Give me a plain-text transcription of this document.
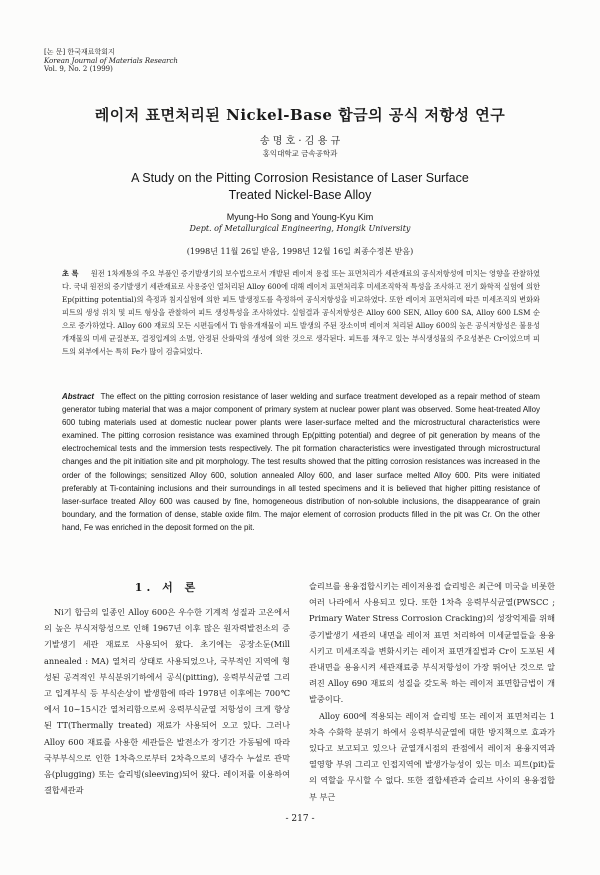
[논 문] 한국재료학회지
Korean Journal of Materials Research
Vol. 9, No. 2 (1999)
레이저 표면처리된 Nickel-Base 합금의 공식 저항성 연구
송 명 호 · 김 용 규
홍익대학교 금속공학과
A Study on the Pitting Corrosion Resistance of Laser Surface
Treated Nickel-Base Alloy
Myung-Ho Song and Young-Kyu Kim
Dept. of Metallurgical Engineering, Hongik University
(1998년 11월 26일 받음, 1998년 12월 16일 최종수정본 받음)
초 록 원전 1차계통의 주요 부품인 증기발생기의 보수법으로서 개발된 레이저 용접 또는 표면처리가 세관재료의 공식저항성에 미치는 영향을 관찰하였다. 국내 원전의 증기발생기 세관재료로 사용중인 열처리된 Alloy 600에 대해 레이저 표면처리후 미세조직학적 특성을 조사하고 전기 화학적 실험에 의한 Ep(pitting potential)의 측정과 침지실험에 의한 피트 발생정도를 측정하여 공식저항성을 비교하였다. 또한 레이저 표면처리에 따른 미세조직의 변화와 피트의 생성 위치 및 피트 형상을 관찰하여 피트 생성특성을 조사하였다. 실험결과 공식저항성은 Alloy 600 SEN, Alloy 600 SA, Alloy 600 LSM 순으로 증가하였다. Alloy 600 재료의 모든 시편들에서 Ti 함유개재물이 피트 발생의 주된 장소이며 레이저 처리된 Alloy 600의 높은 공식저항성은 불용성개재물의 미세 균질분포, 결정입계의 소멸, 안정된 산화막의 생성에 의한 것으로 생각된다. 피트를 채우고 있는 부식생성물의 주요성분은 Cr이었으며 피트의 외부에서는 특히 Fe가 많이 검출되었다.
Abstract The effect on the pitting corrosion resistance of laser welding and surface treatment developed as a repair method of steam generator tubing material that was a major component of primary system at nuclear power plant was observed. Some heat-treated Alloy 600 tubing materials used at domestic nuclear power plants were laser-surface melted and the microstructural characteristics were examined. The pitting corrosion resistance was examined through Ep(pitting potential) and degree of pit generation by means of the electrochemical tests and the immersion tests respectively. The pit formation characteristics were investigated through microstructural changes and the pit initiation site and pit morphology. The test results showed that the pitting corrosion resistances was increased in the order of the followings; sensitized Alloy 600, solution annealed Alloy 600, and laser surface melted Alloy 600. Pits were initiated preferably at Ti-containing inclusions and their surroundings in all tested specimens and it is believed that higher pitting resistance of laser-surface treated Alloy 600 was caused by fine, homogeneous distribution of non-soluble inclusions, the disappearance of grain boundary, and the formation of dense, stable oxide film. The major element of corrosion products filled in the pit was Cr. On the other hand, Fe was enriched in the deposit formed on the pit.
1. 서 론

Ni기 합금의 일종인 Alloy 600은 우수한 기계적 성질과 고온에서의 높은 부식저항성으로 인해 1967년 이후 많은 원자력발전소의 증기발생기 세관 재료로 사용되어 왔다. 초기에는 공장소둔(Mill annealed : MA) 열처리 상태로 사용되었으나, 국부적인 지역에 형성된 공격적인 부식분위기하에서 공식(pitting), 응력부식균열 그리고 입계부식 등 부식손상이 발생함에 따라 1978년 이후에는 700℃에서 10~15시간 열처리함으로써 응력부식균열 저항성이 크게 향상된 TT(Thermally treated) 재료가 사용되어 오고 있다. 그러나 Alloy 600 재료를 사용한 세관들은 발전소가 장기간 가동됨에 따라 국부부식으로 인한 1차측으로부터 2차측으로의 냉각수 누설로 관막음(plugging) 또는 슬리빙(sleeving)되어 왔다. 레이저를 이용하여 결합세관과

슬리브를 용융접합시키는 레이저용접 슬리빙은 최근에 미국을 비롯한 여러 나라에서 사용되고 있다. 또한 1차측 응력부식균열(PWSCC ; Primary Water Stress Corrosion Cracking)의 성장억제를 위해 증기발생기 세관의 내면을 레이저 표면 처리하여 미세균열들을 용융시키고 미세조직을 변화시키는 레이저 표면개질법과 Cr이 도포된 세관내면을 용융시켜 세관재료중 부식저항성이 가장 뛰어난 것으로 알려진 Alloy 690 재료의 성질을 갖도록 하는 레이저 표면합금법이 개발중이다.

Alloy 600에 적용되는 레이저 슬리빙 또는 레이저 표면처리는 1차측 수화학 분위기 하에서 응력부식균열에 대한 방지책으로 효과가 있다고 보고되고 있으나 균열개시점의 관점에서 레이저 용융지역과 열영향 부위 그리고 인접지역에 발생가능성이 있는 미소 피트(pit)들의 역할을 무시할 수 없다. 또한 결합세관과 슬리브 사이의 용융접합부 부근

- 217 -
